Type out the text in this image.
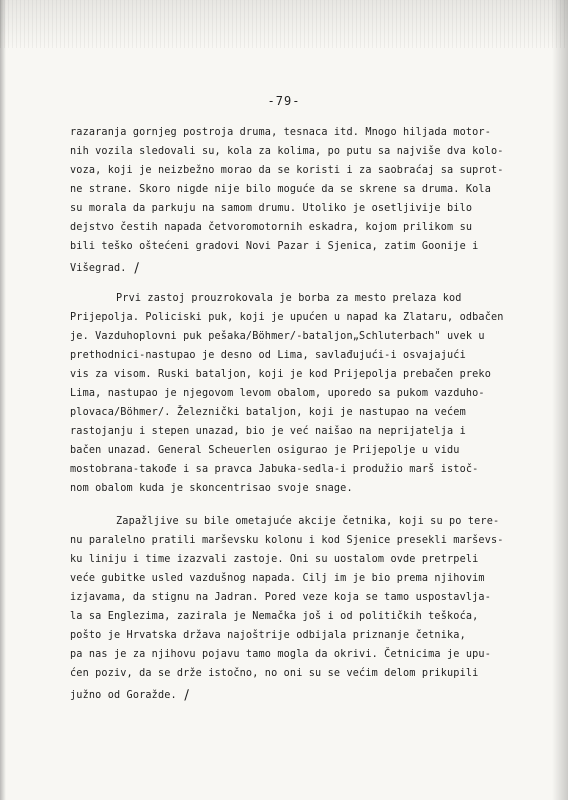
-79-
razaranja gornjeg postroja druma, tesnaca itd. Mnogo hiljada motor-
nih vozila sledovali su, kola za kolima, po putu sa najviše dva kolo-
voza, koji je neizbežno morao da se koristi i za saobraćaj sa suprot-
ne strane. Skoro nigde nije bilo moguće da se skrene sa druma. Kola
su morala da parkuju na samom drumu. Utoliko je osetljivije bilo
dejstvo čestih napada četvoromotornih eskadra, kojom prilikom su
bili teško oštećeni gradovi Novi Pazar i Sjenica, zatim Goonije i
Višegrad. /
Prvi zastoj prouzrokovala je borba za mesto prelaza kod
Prijepolja. Policiski puk, koji je upućen u napad ka Zlataru, odbačen
je. Vazduhoplovni puk pešaka/Böhmer/-bataljon„Schluterbach" uvek u
prethodnici-nastupao je desno od Lima, savlađujući-i osvajajući
vis za visom. Ruski bataljon, koji je kod Prijepolja prebačen preko
Lima, nastupao je njegovom levom obalom, uporedo sa pukom vazduho-
plovaca/Böhmer/. Železnički bataljon, koji je nastupao na većem
rastojanju i stepen unazad, bio je već naišao na neprijatelja i
bačen unazad. General Scheuerlen osigurao je Prijepolje u vidu
mostobrana-takođe i sa pravca Jabuka-sedla-i produžio marš istoč-
nom obalom kuda je skoncentrisao svoje snage.
Zapažljive su bile ometajuće akcije četnika, koji su po tere-
nu paralelno pratili marševsku kolonu i kod Sjenice presekli marševs-
ku liniju i time izazvali zastoje. Oni su uostalom ovde pretrpeli
veće gubitke usled vazdušnog napada. Cilj im je bio prema njihovim
izjavama, da stignu na Jadran. Pored veze koja se tamo uspostavlja-
la sa Englezima, zazirala je Nemačka još i od političkih teškoća,
pošto je Hrvatska država najoštrije odbijala priznanje četnika,
pa nas je za njihovu pojavu tamo mogla da okrivi. Četnicima je upu-
ćen poziv, da se drže istočno, no oni su se većim delom prikupili
južno od Goražde. /
